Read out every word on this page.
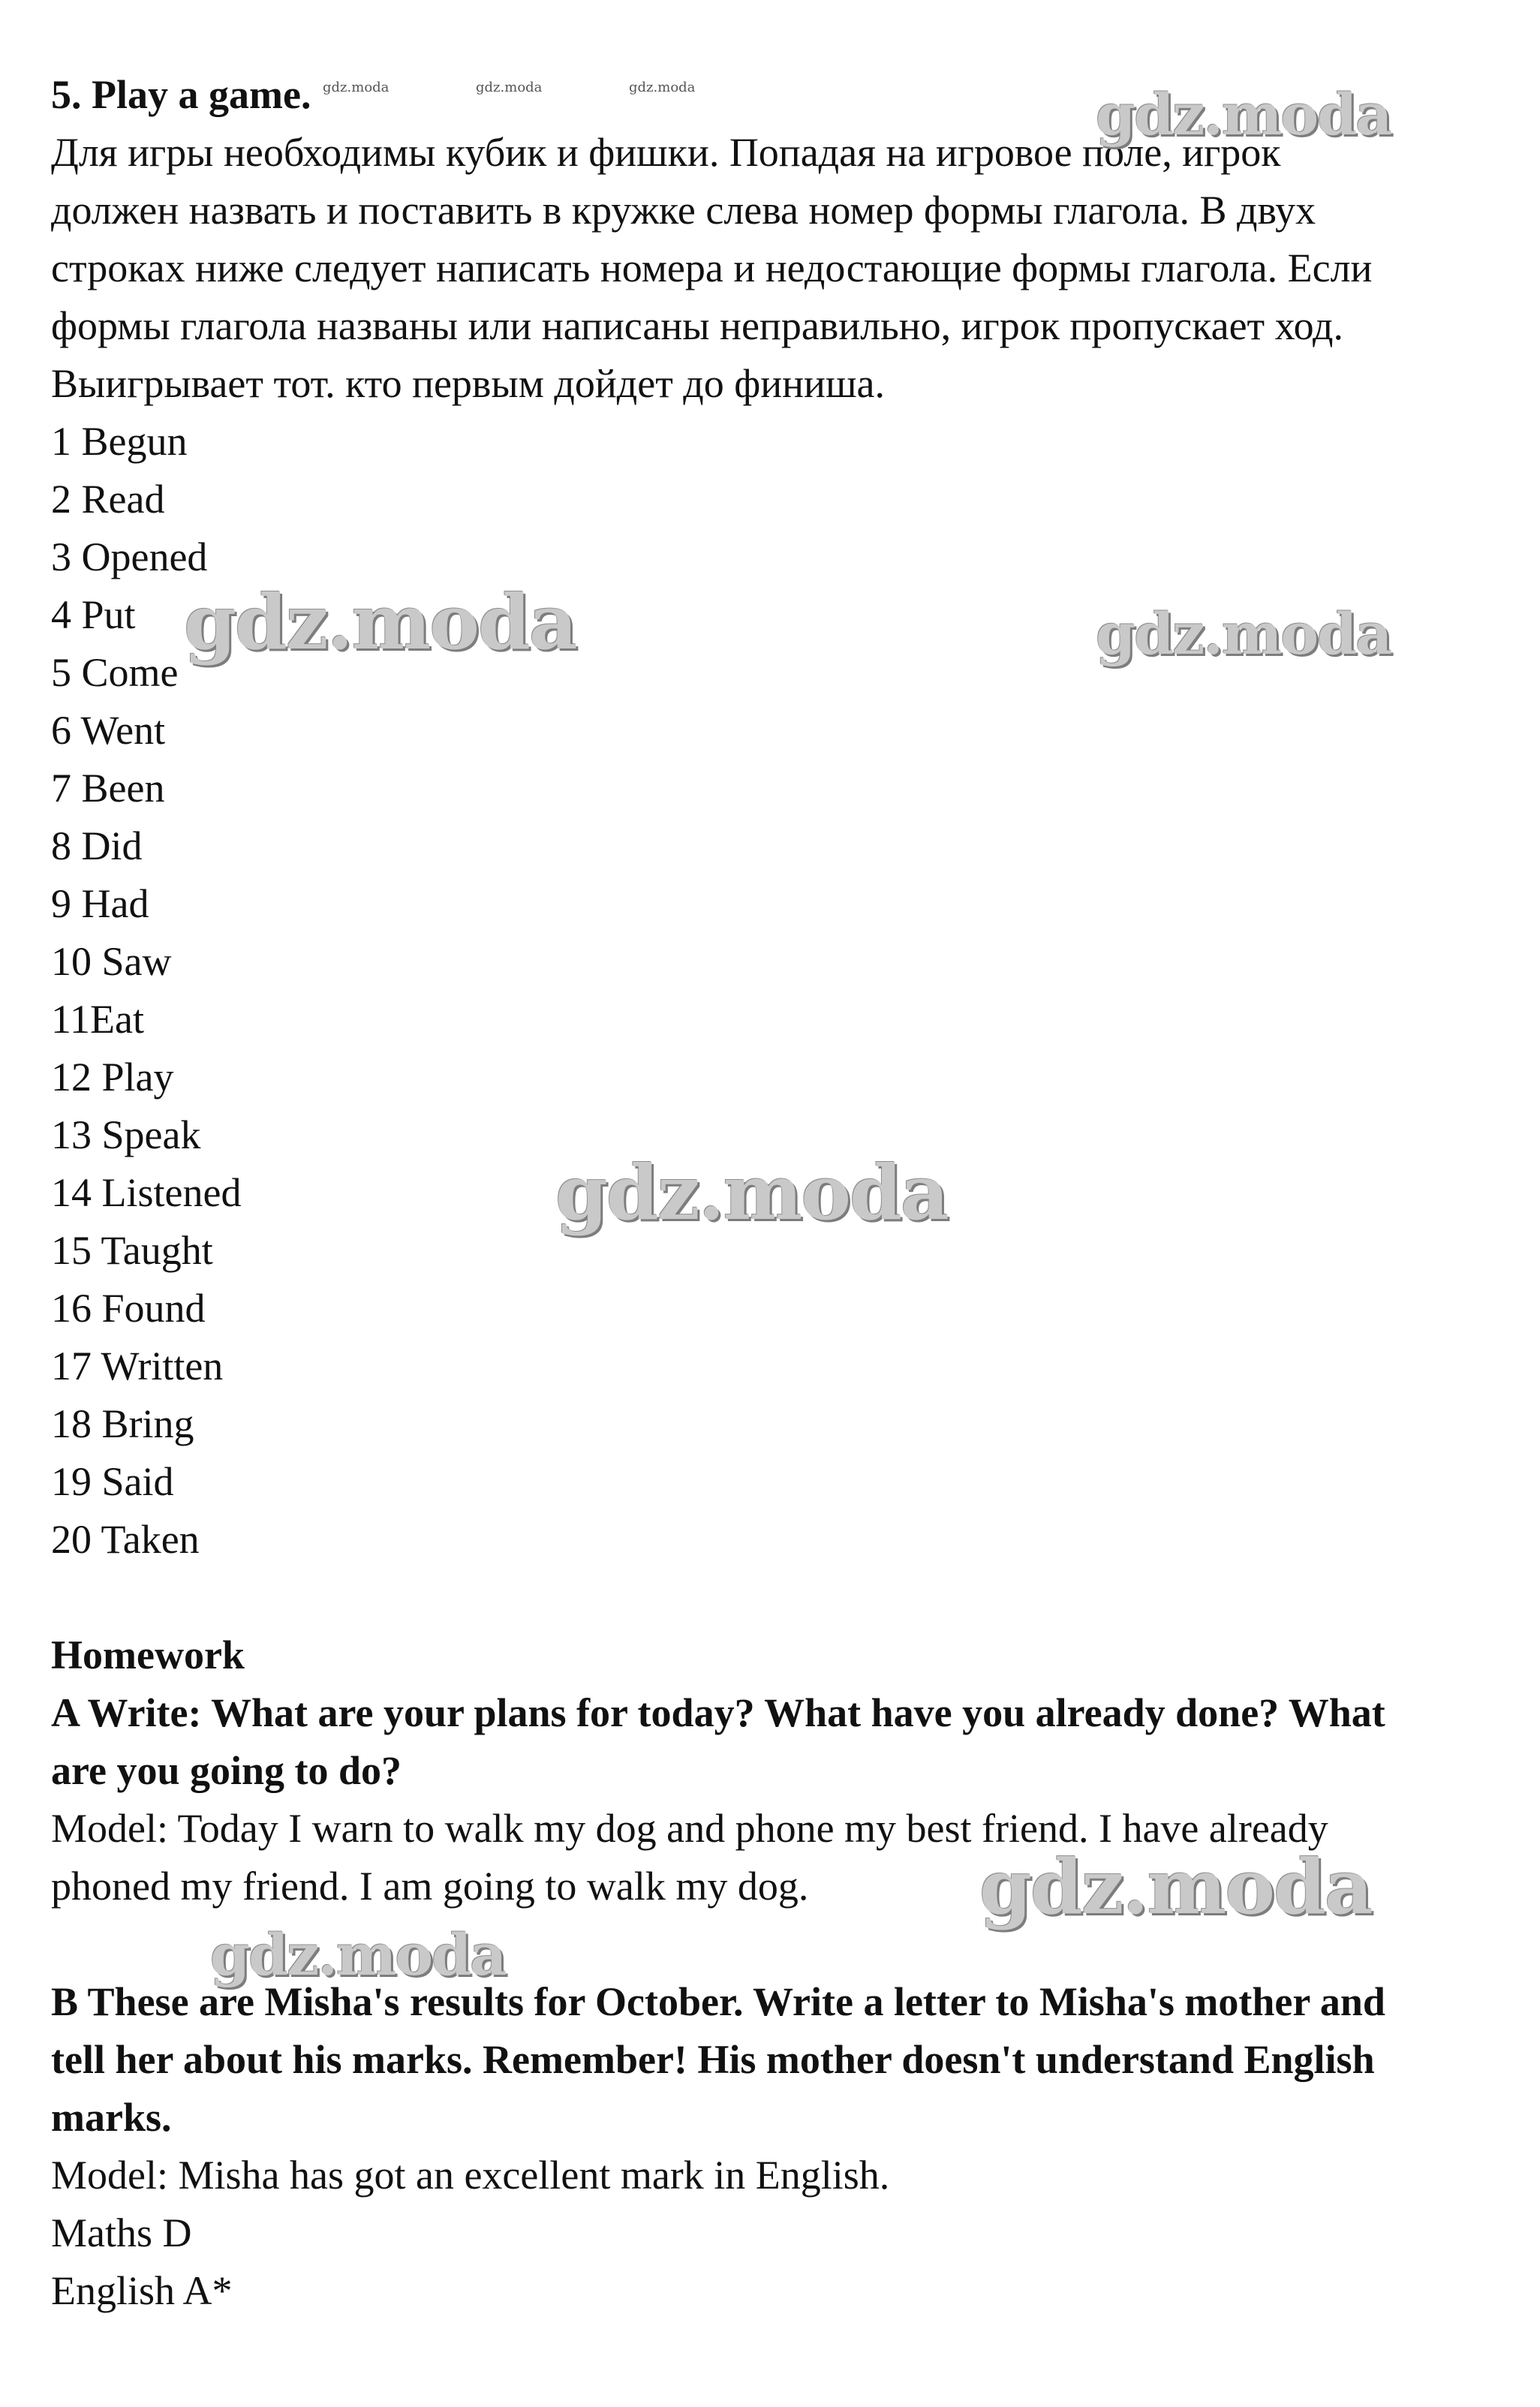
5. Play a game.
Для игры необходимы кубик и фишки. Попадая на игровое поле, игрок
должен назвать и поставить в кружке слева номер формы глагола. В двух
строках ниже следует написать номера и недостающие формы глагола. Если
формы глагола названы или написаны неправильно, игрок пропускает ход.
Выигрывает тот. кто первым дойдет до финиша.
1 Begun
2 Read
3 Opened
4 Put
5 Come
6 Went
7 Been
8 Did
9 Had
10 Saw
11Eat
12 Play
13 Speak
14 Listened
15 Taught
16 Found
17 Written
18 Bring
19 Said
20 Taken
Homework
A Write: What are your plans for today? What have you already done? What
are you going to do?
Model: Today I warn to walk my dog and phone my best friend. I have already
phoned my friend. I am going to walk my dog.
B These are Misha's results for October. Write a letter to Misha's mother and
tell her about his marks. Remember! His mother doesn't understand English
marks.
Model: Misha has got an excellent mark in English.
Maths D
English A*
gdz.moda	gdz.moda	gdz.moda	gdz.moda
gdz.moda	gdz.moda
gdz.moda
gdz.moda
gdz.moda
